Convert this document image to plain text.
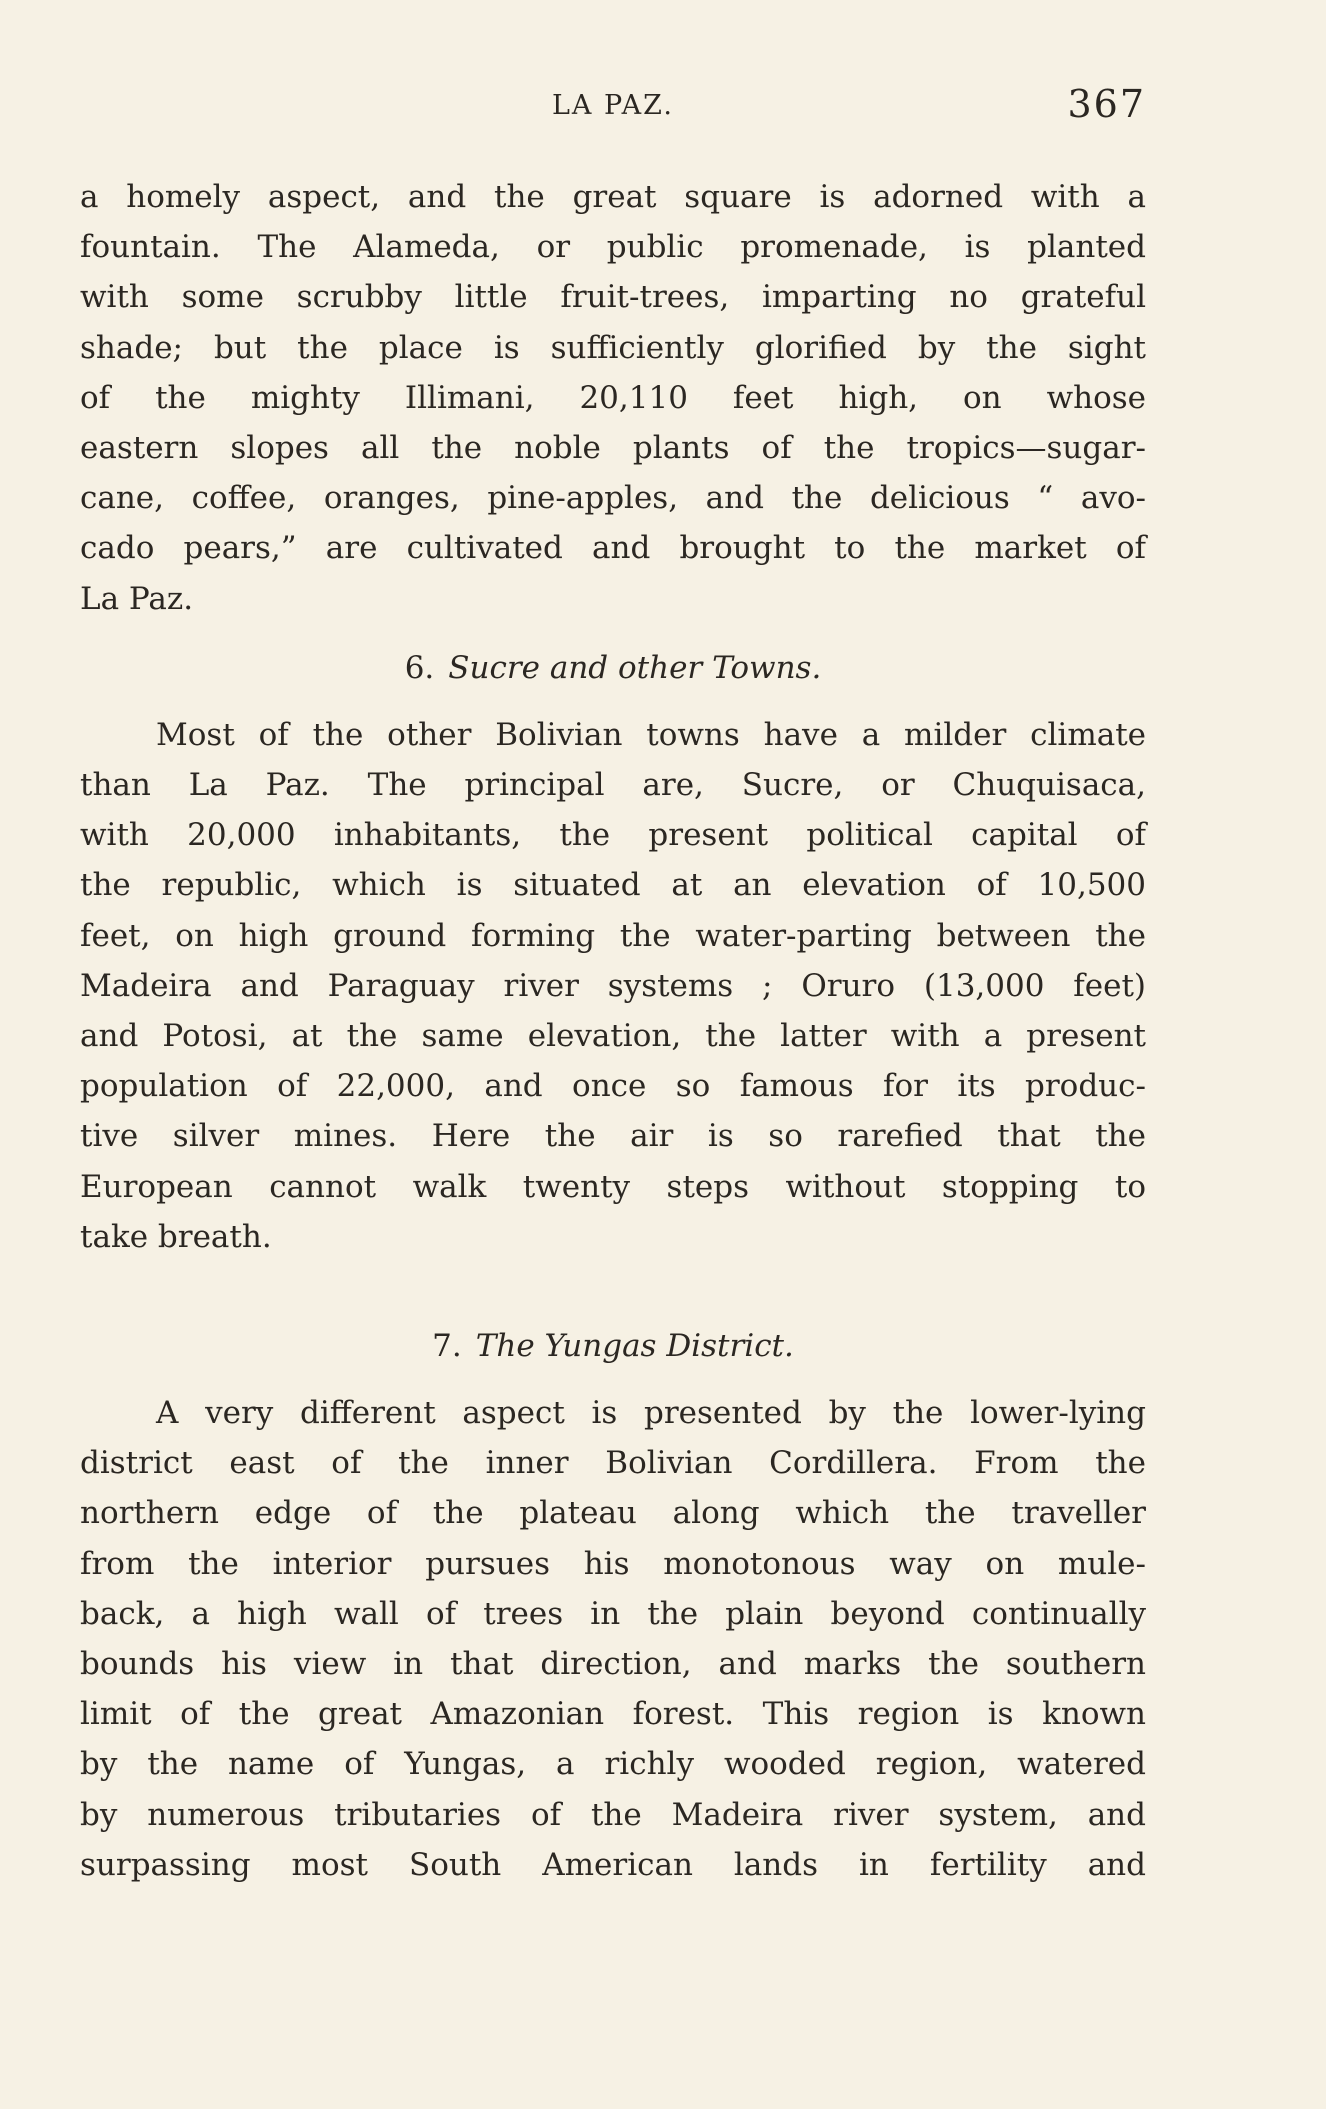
LA PAZ.	367
a homely aspect, and the great square is adorned with a
fountain. The Alameda, or public promenade, is planted
with some scrubby little fruit-trees, imparting no grateful
shade; but the place is sufficiently glorified by the sight
of the mighty Illimani, 20,110 feet high, on whose
eastern slopes all the noble plants of the tropics—sugar-
cane, coffee, oranges, pine-apples, and the delicious “ avo-
cado pears,” are cultivated and brought to the market of
La Paz.
6. Sucre and other Towns.
Most of the other Bolivian towns have a milder climate
than La Paz. The principal are, Sucre, or Chuquisaca,
with 20,000 inhabitants, the present political capital of
the republic, which is situated at an elevation of 10,500
feet, on high ground forming the water-parting between the
Madeira and Paraguay river systems ; Oruro (13,000 feet)
and Potosi, at the same elevation, the latter with a present
population of 22,000, and once so famous for its produc-
tive silver mines. Here the air is so rarefied that the
European cannot walk twenty steps without stopping to
take breath.
7. The Yungas District.
A very different aspect is presented by the lower-lying
district east of the inner Bolivian Cordillera. From the
northern edge of the plateau along which the traveller
from the interior pursues his monotonous way on mule-
back, a high wall of trees in the plain beyond continually
bounds his view in that direction, and marks the southern
limit of the great Amazonian forest. This region is known
by the name of Yungas, a richly wooded region, watered
by numerous tributaries of the Madeira river system, and
surpassing most South American lands in fertility and
